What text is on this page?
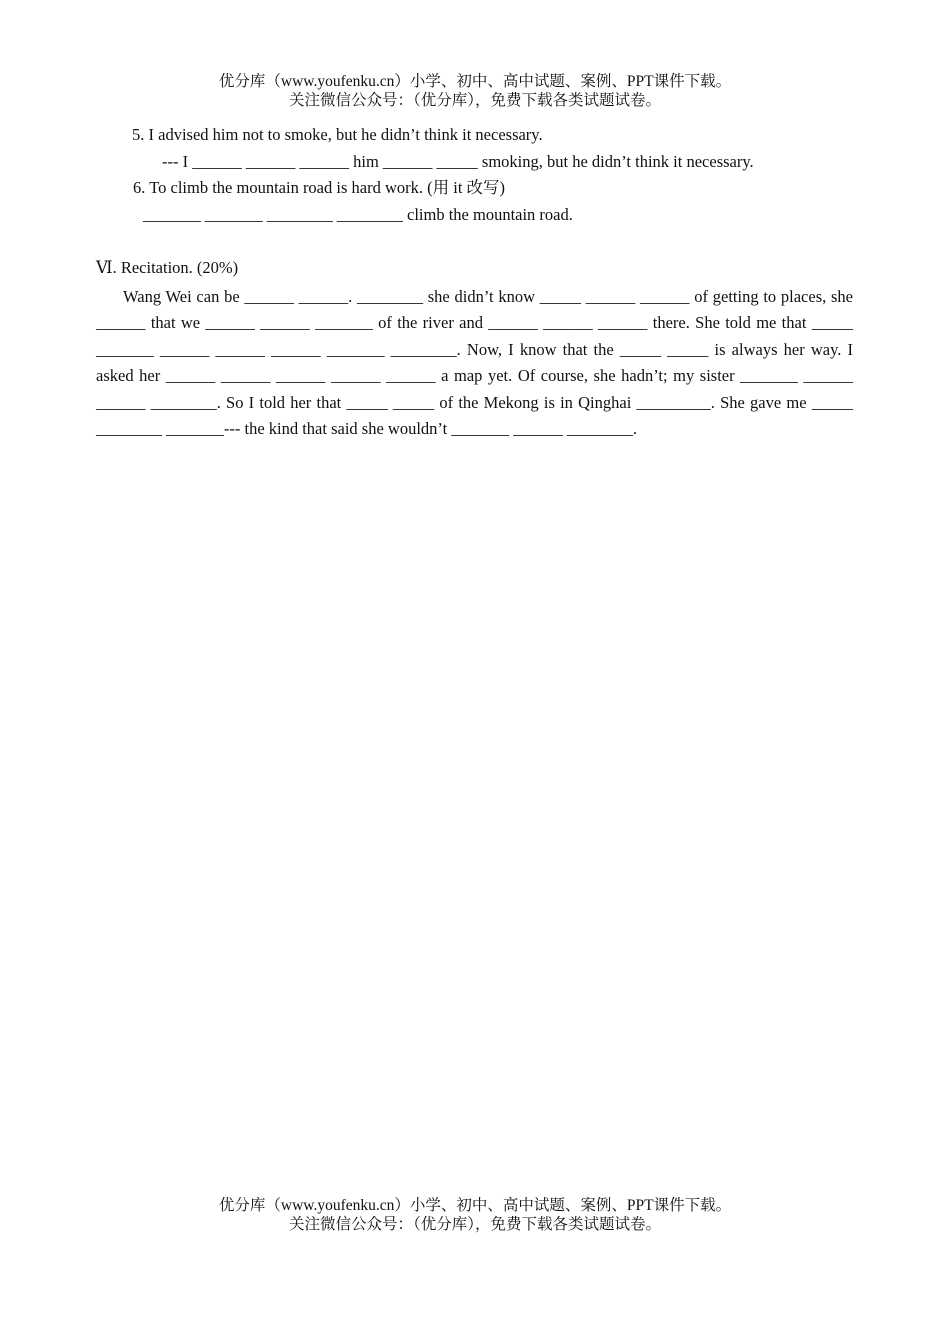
优分库（www.youfenku.cn）小学、初中、高中试题、案例、PPT课件下载。
关注微信公众号：（优分库），免费下载各类试题试卷。
5. I advised him not to smoke, but he didn’t think it necessary.
--- I ______ ______ ______ him ______ _____ smoking, but he didn’t think it necessary.
6. To climb the mountain road is hard work. (用 it 改写)
_______ _______ ________ ________ climb the mountain road.
Ⅵ. Recitation. (20%)

Wang Wei can be ______ ______. ________ she didn’t know _____ ______ ______ of getting to places, she ______ that we ______ ______ _______ of the river and ______ ______ ______ there. She told me that _____ _______ ______ ______ ______ _______ ________. Now, I know that the _____ _____ is always her way. I asked her ______ ______ ______ ______ ______ a map yet. Of course, she hadn’t; my sister _______ ______ ______ ________. So I told her that _____ _____ of the Mekong is in Qinghai _________. She gave me _____ ________ _______--- the kind that said she wouldn’t _______ ______ ________.

优分库（www.youfenku.cn）小学、初中、高中试题、案例、PPT课件下载。
关注微信公众号：（优分库），免费下载各类试题试卷。
